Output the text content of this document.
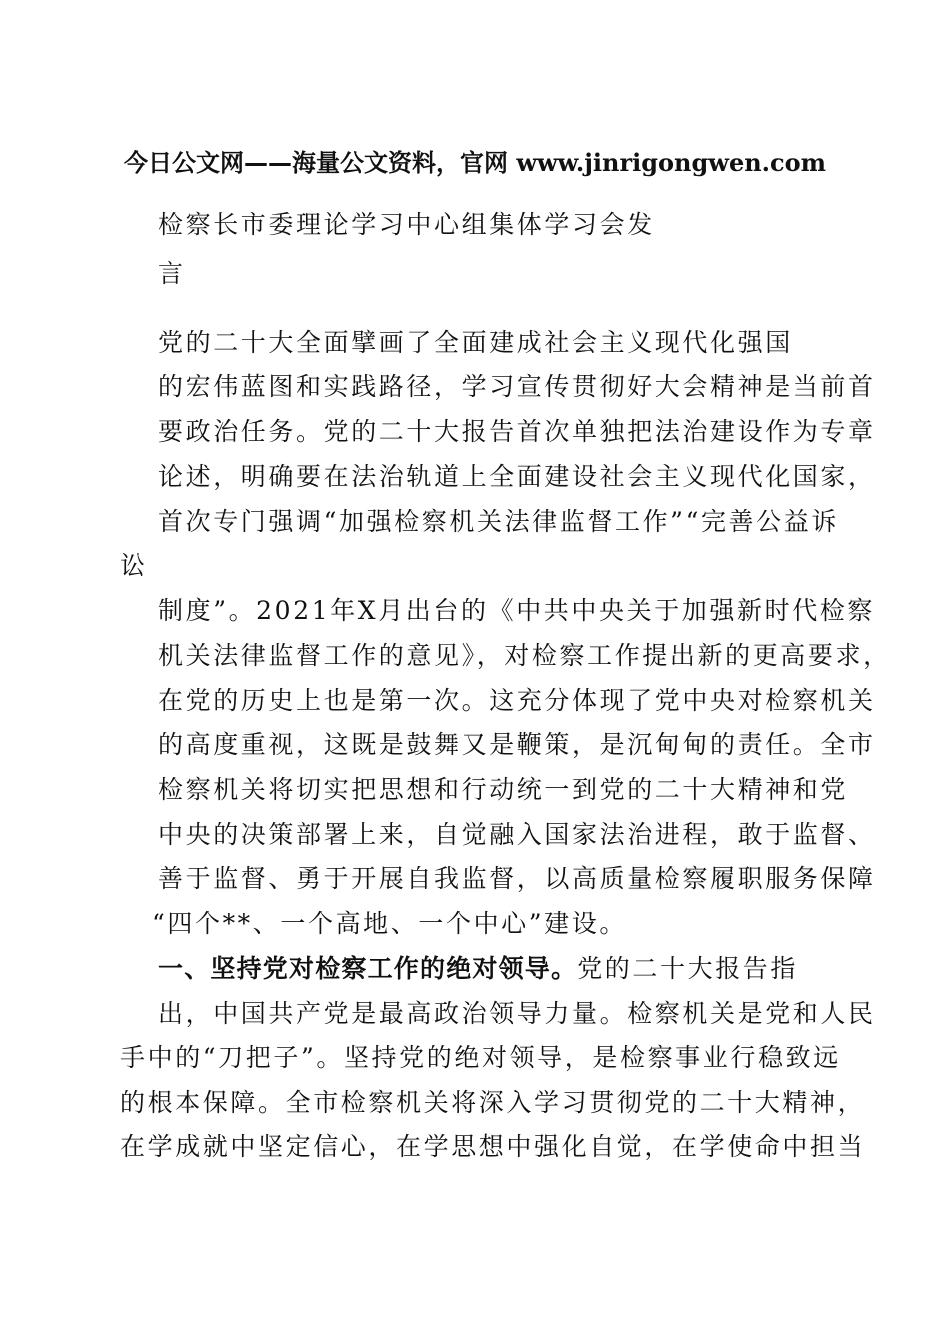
今日公文网——海量公文资料，官网 www.jinrigongwen.com
检察长市委理论学习中心组集体学习会发
言
党的二十大全面擘画了全面建成社会主义现代化强国
的宏伟蓝图和实践路径，学习宣传贯彻好大会精神是当前首
要政治任务。党的二十大报告首次单独把法治建设作为专章
论述，明确要在法治轨道上全面建设社会主义现代化国家，
首次专门强调“加强检察机关法律监督工作”“完善公益诉
讼
制度”。2021年X月出台的《中共中央关于加强新时代检察
机关法律监督工作的意见》，对检察工作提出新的更高要求，
在党的历史上也是第一次。这充分体现了党中央对检察机关
的高度重视，这既是鼓舞又是鞭策，是沉甸甸的责任。全市
检察机关将切实把思想和行动统一到党的二十大精神和党
中央的决策部署上来，自觉融入国家法治进程，敢于监督、
善于监督、勇于开展自我监督，以高质量检察履职服务保障
“四个**、一个高地、一个中心”建设。
一、坚持党对检察工作的绝对领导。党的二十大报告指
出，中国共产党是最高政治领导力量。检察机关是党和人民
手中的“刀把子”。坚持党的绝对领导，是检察事业行稳致远
的根本保障。全市检察机关将深入学习贯彻党的二十大精神，
在学成就中坚定信心，在学思想中强化自觉，在学使命中担当
